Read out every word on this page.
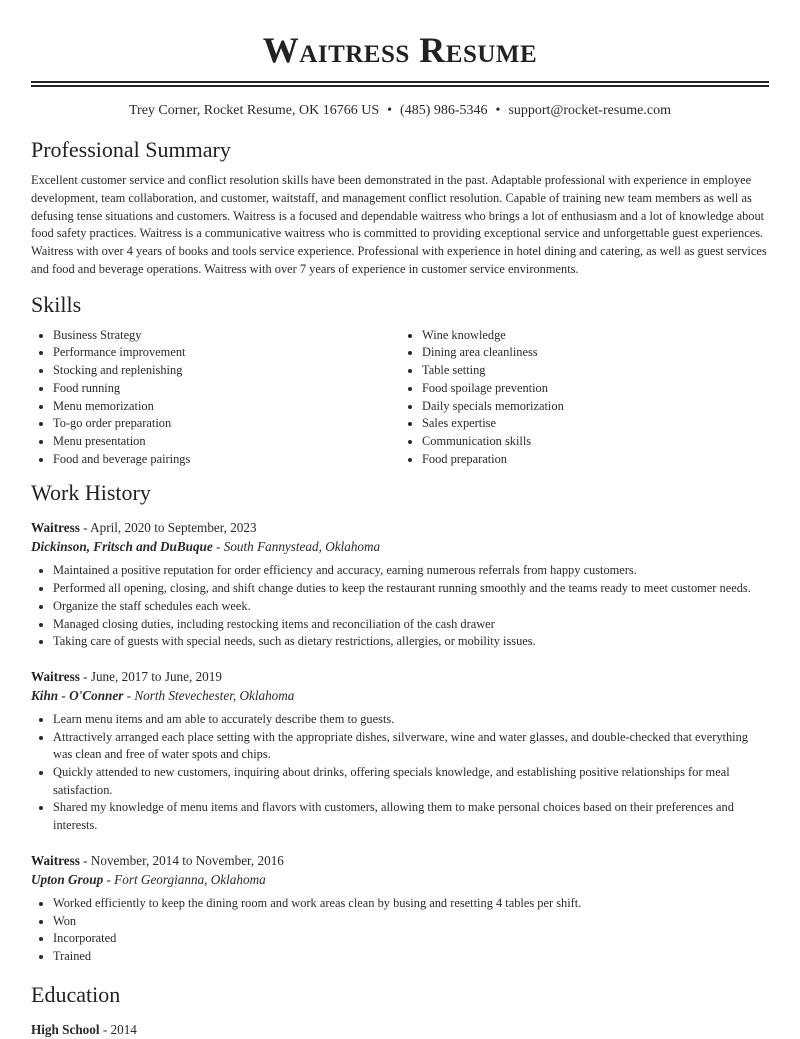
Waitress Resume
Trey Corner, Rocket Resume, OK 16766 US • (485) 986-5346 • support@rocket-resume.com
Professional Summary
Excellent customer service and conflict resolution skills have been demonstrated in the past. Adaptable professional with experience in employee development, team collaboration, and customer, waitstaff, and management conflict resolution. Capable of training new team members as well as defusing tense situations and customers. Waitress is a focused and dependable waitress who brings a lot of enthusiasm and a lot of knowledge about food safety practices. Waitress is a communicative waitress who is committed to providing exceptional service and unforgettable guest experiences. Waitress with over 4 years of books and tools service experience. Professional with experience in hotel dining and catering, as well as guest services and food and beverage operations. Waitress with over 7 years of experience in customer service environments.
Skills
• Business Strategy
• Performance improvement
• Stocking and replenishing
• Food running
• Menu memorization
• To-go order preparation
• Menu presentation
• Food and beverage pairings
• Wine knowledge
• Dining area cleanliness
• Table setting
• Food spoilage prevention
• Daily specials memorization
• Sales expertise
• Communication skills
• Food preparation
Work History
Waitress - April, 2020 to September, 2023
Dickinson, Fritsch and DuBuque - South Fannystead, Oklahoma
• Maintained a positive reputation for order efficiency and accuracy, earning numerous referrals from happy customers.
• Performed all opening, closing, and shift change duties to keep the restaurant running smoothly and the teams ready to meet customer needs.
• Organize the staff schedules each week.
• Managed closing duties, including restocking items and reconciliation of the cash drawer
• Taking care of guests with special needs, such as dietary restrictions, allergies, or mobility issues.
Waitress - June, 2017 to June, 2019
Kihn - O'Conner - North Stevechester, Oklahoma
• Learn menu items and am able to accurately describe them to guests.
• Attractively arranged each place setting with the appropriate dishes, silverware, wine and water glasses, and double-checked that everything was clean and free of water spots and chips.
• Quickly attended to new customers, inquiring about drinks, offering specials knowledge, and establishing positive relationships for meal satisfaction.
• Shared my knowledge of menu items and flavors with customers, allowing them to make personal choices based on their preferences and interests.
Waitress - November, 2014 to November, 2016
Upton Group - Fort Georgianna, Oklahoma
• Worked efficiently to keep the dining room and work areas clean by busing and resetting 4 tables per shift.
• Won
• Incorporated
• Trained
Education
High School - 2014
